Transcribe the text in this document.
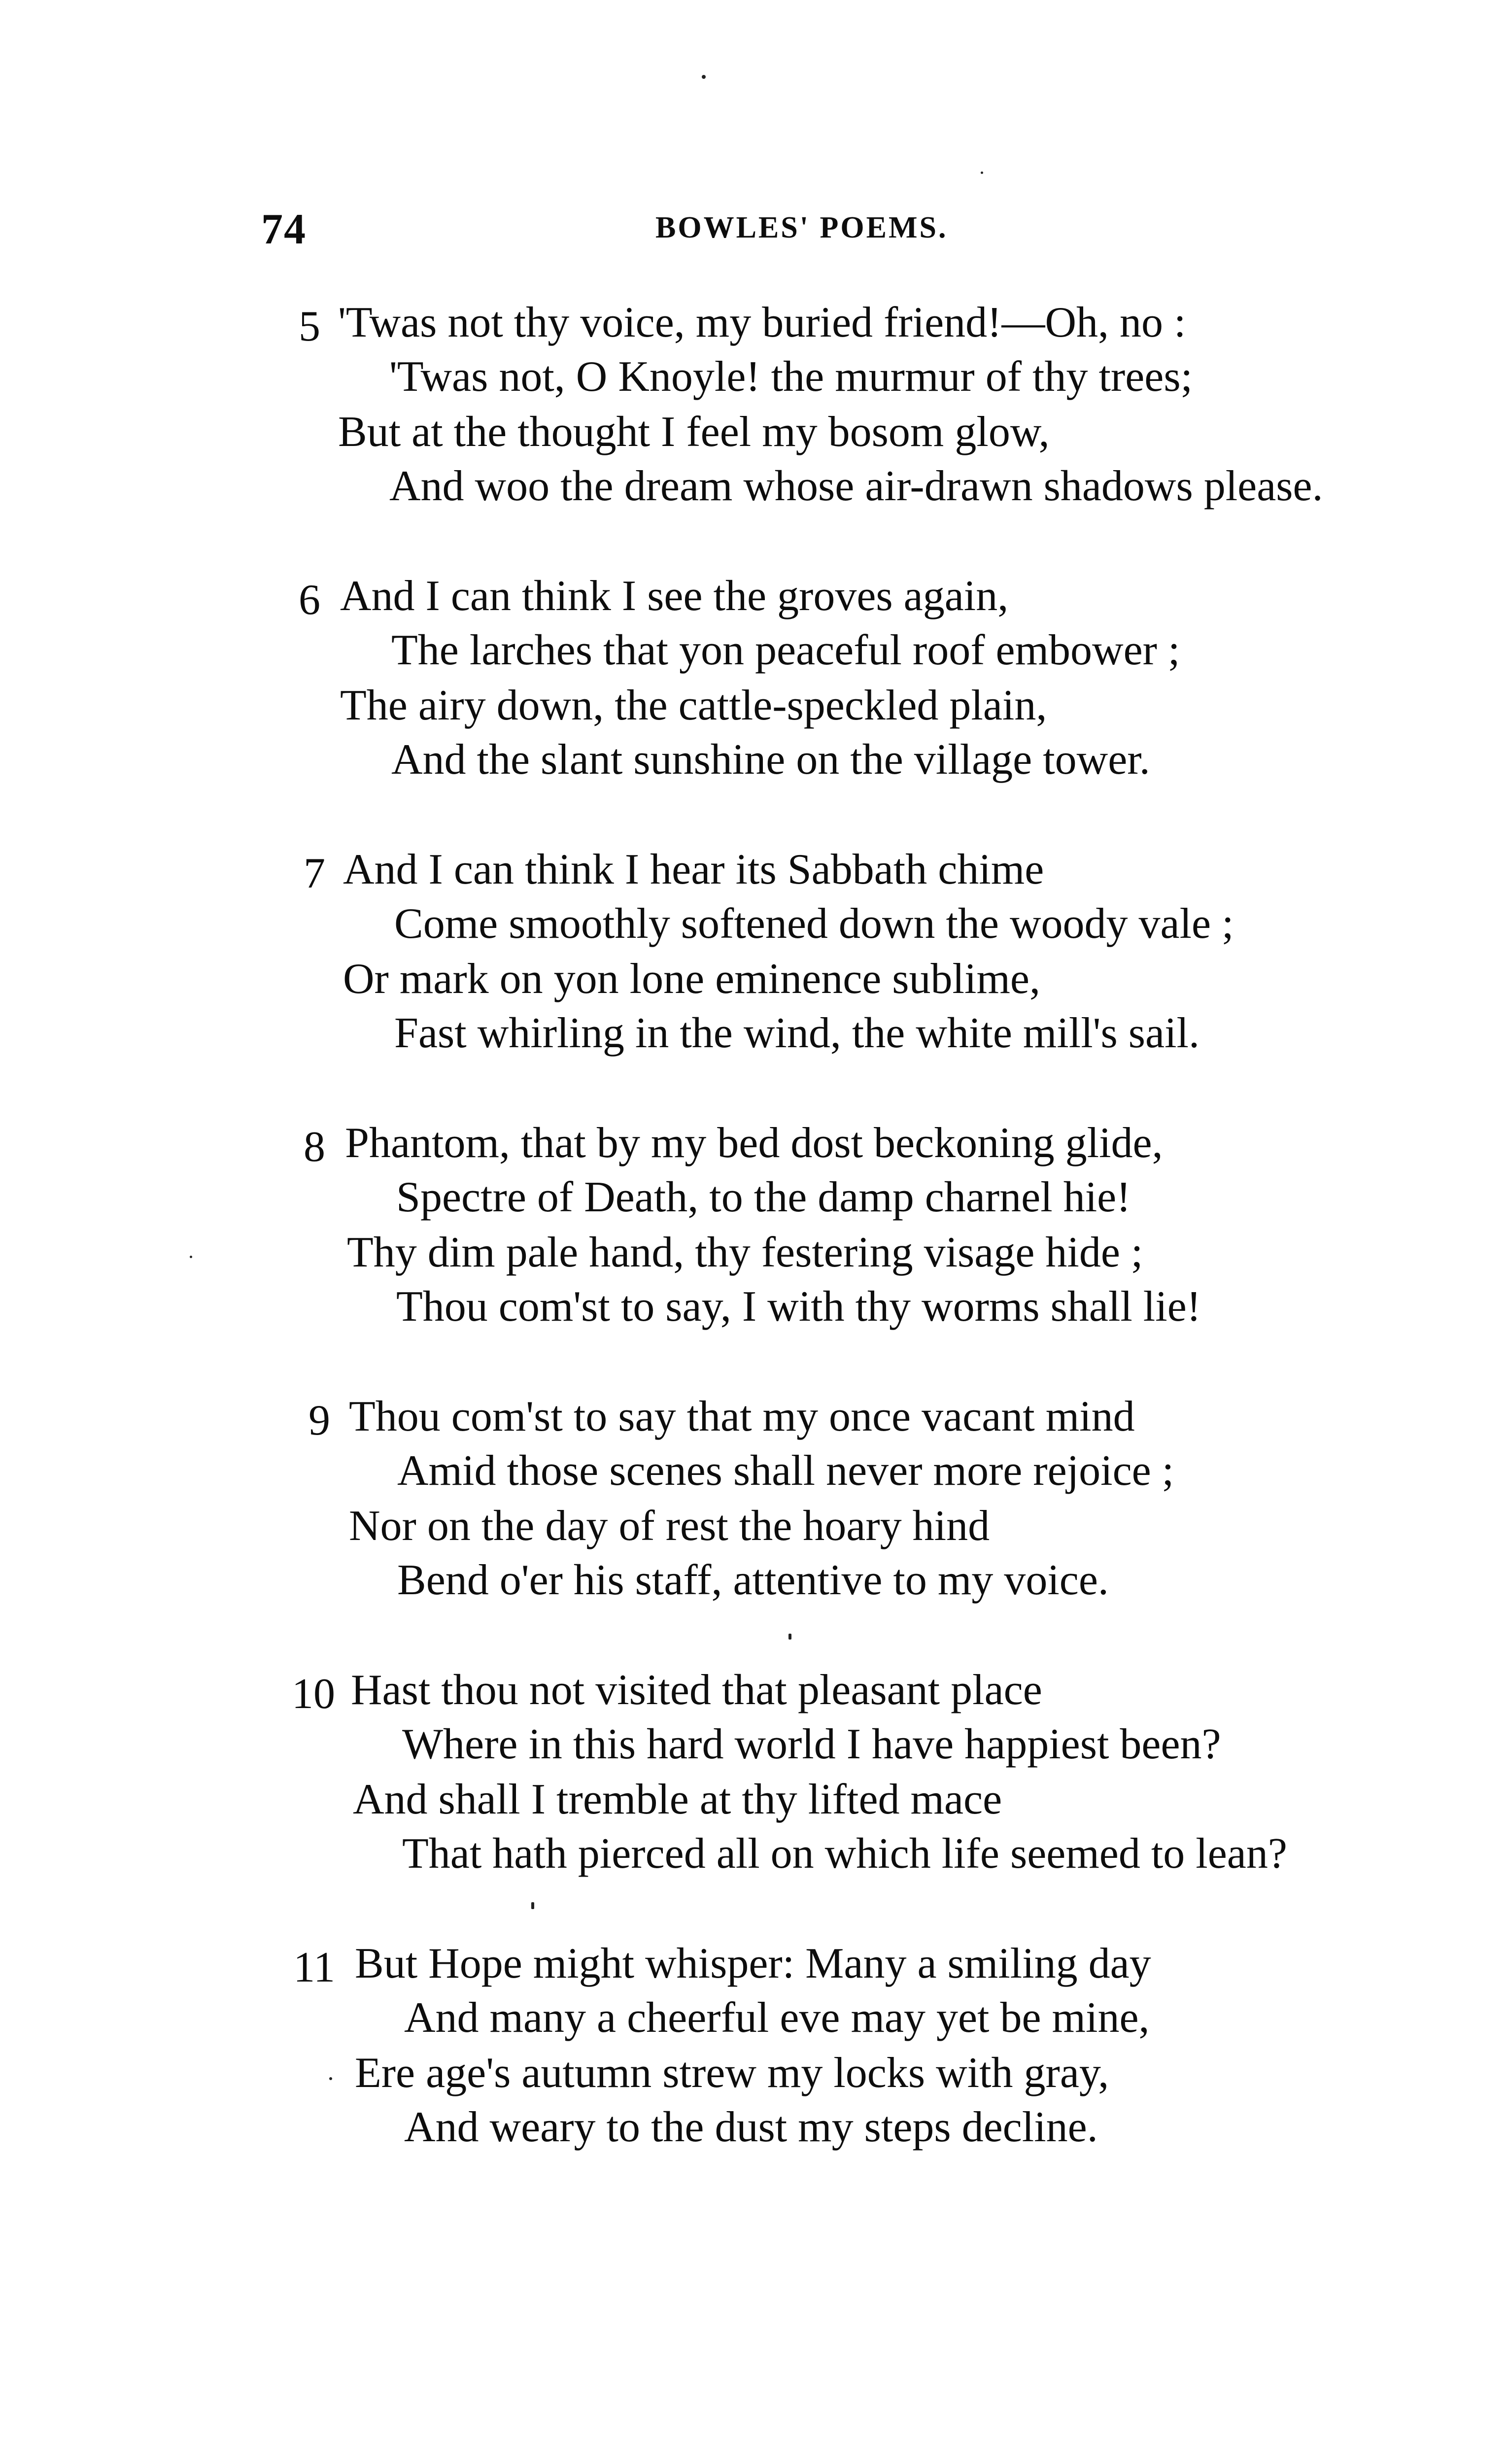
74	BOWLES' POEMS.
5 'Twas not thy voice, my buried friend!—Oh, no :
'Twas not, O Knoyle! the murmur of thy trees;
But at the thought I feel my bosom glow,
And woo the dream whose air-drawn shadows please.
6 And I can think I see the groves again,
The larches that yon peaceful roof embower ;
The airy down, the cattle-speckled plain,
And the slant sunshine on the village tower.
7 And I can think I hear its Sabbath chime
Come smoothly softened down the woody vale ;
Or mark on yon lone eminence sublime,
Fast whirling in the wind, the white mill's sail.
8 Phantom, that by my bed dost beckoning glide,
Spectre of Death, to the damp charnel hie!
Thy dim pale hand, thy festering visage hide ;
Thou com'st to say, I with thy worms shall lie!
9 Thou com'st to say that my once vacant mind
Amid those scenes shall never more rejoice ;
Nor on the day of rest the hoary hind
Bend o'er his staff, attentive to my voice.
10 Hast thou not visited that pleasant place
Where in this hard world I have happiest been?
And shall I tremble at thy lifted mace
That hath pierced all on which life seemed to lean?
11 But Hope might whisper: Many a smiling day
And many a cheerful eve may yet be mine,
Ere age's autumn strew my locks with gray,
And weary to the dust my steps decline.
